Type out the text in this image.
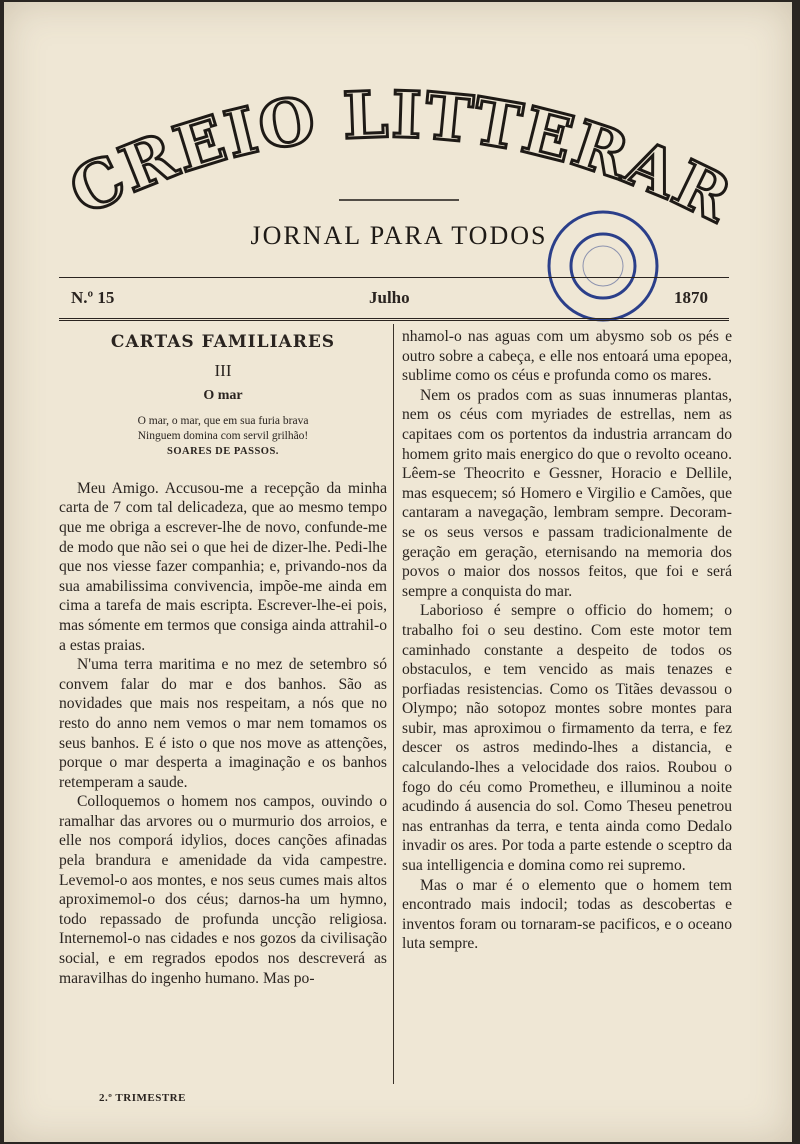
CREIO LITTERAR
JORNAL PARA TODOS
N.º 15	Julho	1870
CARTAS FAMILIARES
III
O mar
O mar, o mar, que em sua furia brava
Ninguem domina com servil grilhão!
SOARES DE PASSOS.

Meu Amigo. Accusou-me a recepção da minha carta de 7 com tal delicadeza, que ao mesmo tempo que me obriga a escrever-lhe de novo, confunde-me de modo que não sei o que hei de dizer-lhe. Pedi-lhe que nos viesse fazer companhia; e, privando-nos da sua amabilissima convivencia, impõe-me ainda em cima a tarefa de mais escripta. Escrever-lhe-ei pois, mas sómente em termos que consiga ainda attrahil-o a estas praias.

N'uma terra maritima e no mez de setembro só convem falar do mar e dos banhos. São as novidades que mais nos respeitam, a nós que no resto do anno nem vemos o mar nem tomamos os seus banhos. E é isto o que nos move as attenções, porque o mar desperta a imaginação e os banhos retemperam a saude.

Colloquemos o homem nos campos, ouvindo o ramalhar das arvores ou o murmurio dos arroios, e elle nos comporá idylios, doces canções afinadas pela brandura e amenidade da vida campestre. Levemol-o aos montes, e nos seus cumes mais altos aproximemol-o dos céus; darnos-ha um hymno, todo repassado de profunda uncção religiosa. Internemol-o nas cidades e nos gozos da civilisação social, e em regrados epodos nos descreverá as maravilhas do ingenho humano. Mas po-

nhamol-o nas aguas com um abysmo sob os pés e outro sobre a cabeça, e elle nos entoará uma epopea, sublime como os céus e profunda como os mares.

Nem os prados com as suas innumeras plantas, nem os céus com myriades de estrellas, nem as capitaes com os portentos da industria arrancam do homem grito mais energico do que o revolto oceano. Lêem-se Theocrito e Gessner, Horacio e Dellile, mas esquecem; só Homero e Virgilio e Camões, que cantaram a navegação, lembram sempre. Decoram-se os seus versos e passam tradicionalmente de geração em geração, eternisando na memoria dos povos o maior dos nossos feitos, que foi e será sempre a conquista do mar.

Laborioso é sempre o officio do homem; o trabalho foi o seu destino. Com este motor tem caminhado constante a despeito de todos os obstaculos, e tem vencido as mais tenazes e porfiadas resistencias. Como os Titães devassou o Olympo; não sotopoz montes sobre montes para subir, mas aproximou o firmamento da terra, e fez descer os astros medindo-lhes a distancia, e calculando-lhes a velocidade dos raios. Roubou o fogo do céu como Prometheu, e illuminou a noite acudindo á ausencia do sol. Como Theseu penetrou nas entranhas da terra, e tenta ainda como Dedalo invadir os ares. Por toda a parte estende o sceptro da sua intelligencia e domina como rei supremo.

Mas o mar é o elemento que o homem tem encontrado mais indocil; todas as descobertas e inventos foram ou tornaram-se pacificos, e o oceano luta sempre.

2.º TRIMESTRE
